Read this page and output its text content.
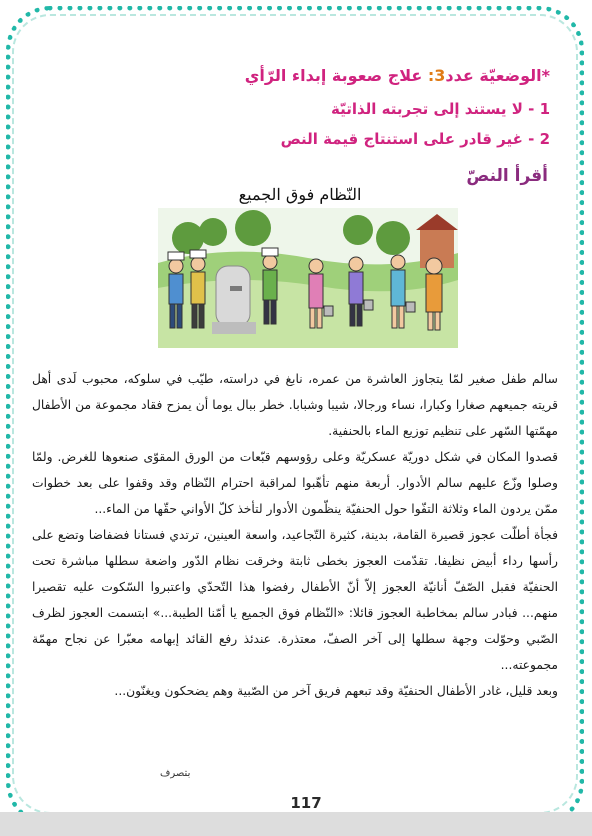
*الوضعيّة عدد3: علاج صعوبة إبداء الرّأي
1 - لا يستند إلى تجربته الذاتيّة
2 - غير قادر على استنتاج قيمة النص
أقرأ النصّ
النّظام فوق الجميع

سالم طفل صغير لمّا يتجاوز العاشرة من عمره، نابغ في دراسته، طيّب في سلوكه، محبوب لَدى أهل قريته جميعهم صغارا وكبارا، نساء ورجالا، شيبا وشبابا. خطر ببال يوما أن يمزح فقاد مجموعة من الأطفال مهمّتها السّهر على تنظيم توزيع الماء بالحنفية.

قصدوا المكان في شكل دوريّة عسكريّة وعلى رؤوسهم قبّعات من الورق المقوّى صنعوها للغرض. ولمّا وصلوا وزّع عليهم سالم الأدوار. أربعة منهم تأهّبوا لمراقبة احترام النّظام وقد وقفوا على بعد خطوات ممّن يردون الماء وثلاثة التفّوا حول الحنفيّة ينظّمون الأدوار لتأخذ كلّ الأواني حقّها من الماء...

فجأة أطلّت عجوز قصيرة القامة، بدينة، كثيرة التّجاعيد، واسعة العينين، ترتدي فستانا فضفاضا وتضع على رأسها رداء أبيض نظيفا. تقدّمت العجوز بخطى ثابتة وخرقت نظام الدّور واضعة سطلها مباشرة تحت الحنفيّة فقبل الصّفّ أنانيّة العجوز إلاّ أنّ الأطفال رفضوا هذا التّحدّي واعتبروا السّكوت عليه تقصيرا منهم... فبادر سالم بمخاطبة العجوز قائلا: «النّظام فوق الجميع يا أمّنا الطيبة...» ابتسمت العجوز لظرف الصّبي وحوّلت وجهة سطلها إلى آخر الصفّ، معتذرة. عندئذ رفع القائد إبهامه معبّرا عن نجاح مهمّة مجموعته...

وبعد قليل، غادر الأطفال الحنفيّة وقد تبعهم فريق آخر من الصّبية وهم يضحكون ويغنّون...

بتصرف
117
